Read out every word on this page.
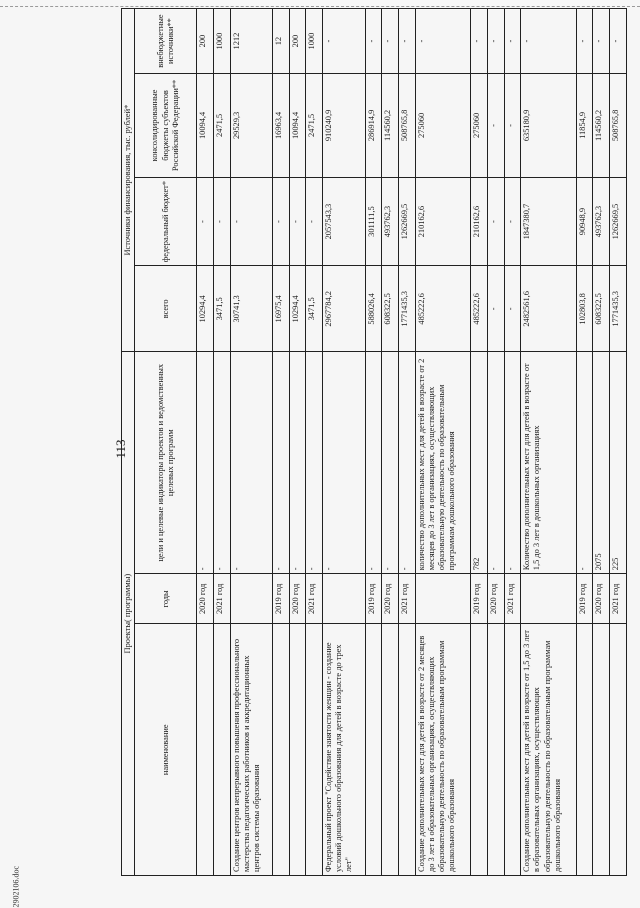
113
2902106.doc
Проекты( программы)			Источники финансирования, тыс. рублей*			
наименование	годы	цели и целевые индикаторы проектов и ведомственных целевых программ	всего	федеральный бюджет*	консолидированные бюджеты субъектов Российской Федерации**	внебюджетные источники**
	2020 год	-	10294,4	-	10094,4	200
	2021 год	-	3471,5	-	2471,5	1000
Создание центров непрерывного повышения профессионального мастерства педагогических работников и аккредитационных центров системы образования		-	30741,3	-	29529,3	1212
	2019 год	-	16975,4	-	16963,4	12
	2020 год	-	10294,4	-	10094,4	200
	2021 год	-	3471,5	-	2471,5	1000
Федеральный проект "Содействие занятости женщин - создание условий дошкольного образования для детей в возрасте до трех лет"		-	2967784,2	2057543,3	910240,9	-
	2019 год	-	588026,4	301111,5	286914,9	-
	2020 год	-	608322,5	493762,3	114560,2	-
	2021 год	-	1771435,3	1262669,5	508765,8	-
Создание дополнительных мест для детей в возрасте от 2 месяцев до 3 лет в образовательных организациях, осуществляющих образовательную деятельность по образовательным программам дошкольного образования		количество дополнительных мест для детей в возрасте от 2 месяцев до 3 лет в организациях, осуществляющих образовательную деятельность по образовательным программам дошкольного образования	485222,6	210162,6	275060	-
	2019 год	782	485222,6	210162,6	275060	-
	2020 год	-	-	-	-	-
	2021 год	-	-	-	-	-
Создание дополнительных мест для детей в возрасте от 1,5 до 3 лет в образовательных организациях, осуществляющих образовательную деятельность по образовательным программам дошкольного образования		Количество дополнительных мест для детей в возрасте от 1,5 до 3 лет в дошкольных организациях	2482561,6	1847380,7	635180,9	-
	2019 год	-	102803,8	90948,9	11854,9	-
	2020 год	2075	608322,5	493762,3	114560,2	-
	2021 год	225	1771435,3	1262669,5	508765,8	-
